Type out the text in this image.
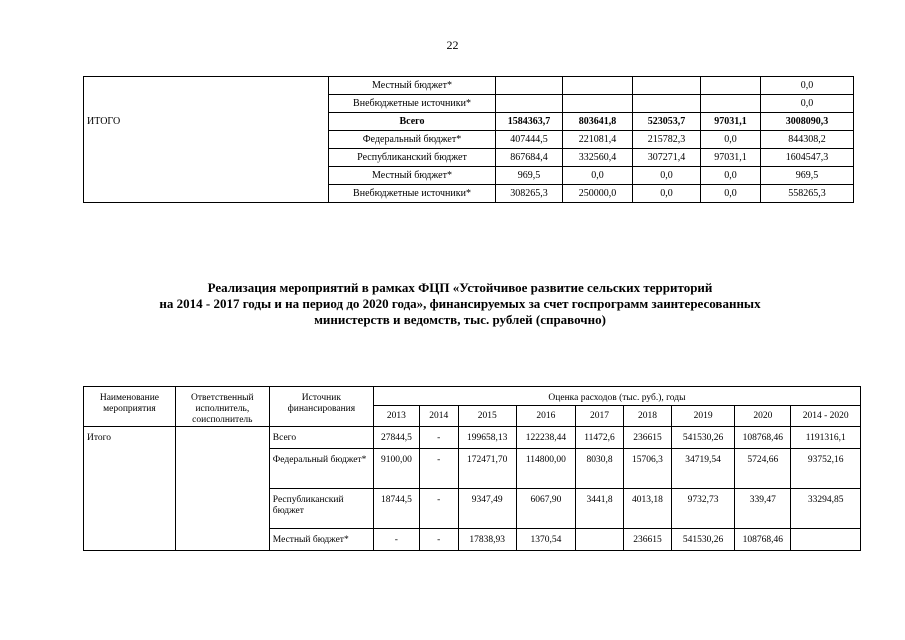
22
	Местный бюджет*					0,0
	Внебюджетные источники*					0,0
ИТОГО	Всего	1584363,7	803641,8	523053,7	97031,1	3008090,3
	Федеральный бюджет*	407444,5	221081,4	215782,3	0,0	844308,2
	Республиканский бюджет	867684,4	332560,4	307271,4	97031,1	1604547,3
	Местный бюджет*	969,5	0,0	0,0	0,0	969,5
	Внебюджетные источники*	308265,3	250000,0	0,0	0,0	558265,3
Реализация мероприятий в рамках ФЦП «Устойчивое развитие сельских территорий
на 2014 - 2017 годы и на период до 2020 года», финансируемых за счет госпрограмм заинтересованных
министерств и ведомств, тыс. рублей (справочно)
Наименование мероприятия	Ответственный исполнитель, соисполнитель	Источник финансирования	Оценка расходов (тыс. руб.), годы								
			2013	2014	2015	2016	2017	2018	2019	2020	2014 - 2020
Итого		Всего	27844,5	-	199658,13	122238,44	11472,6	236615	541530,26	108768,46	1191316,1
		Федеральный бюджет*	9100,00	-	172471,70	114800,00	8030,8	15706,3	34719,54	5724,66	93752,16
		Республиканский бюджет	18744,5	-	9347,49	6067,90	3441,8	4013,18	9732,73	339,47	33294,85
		Местный бюджет*	-	-	17838,93	1370,54		236615	541530,26	108768,46	
